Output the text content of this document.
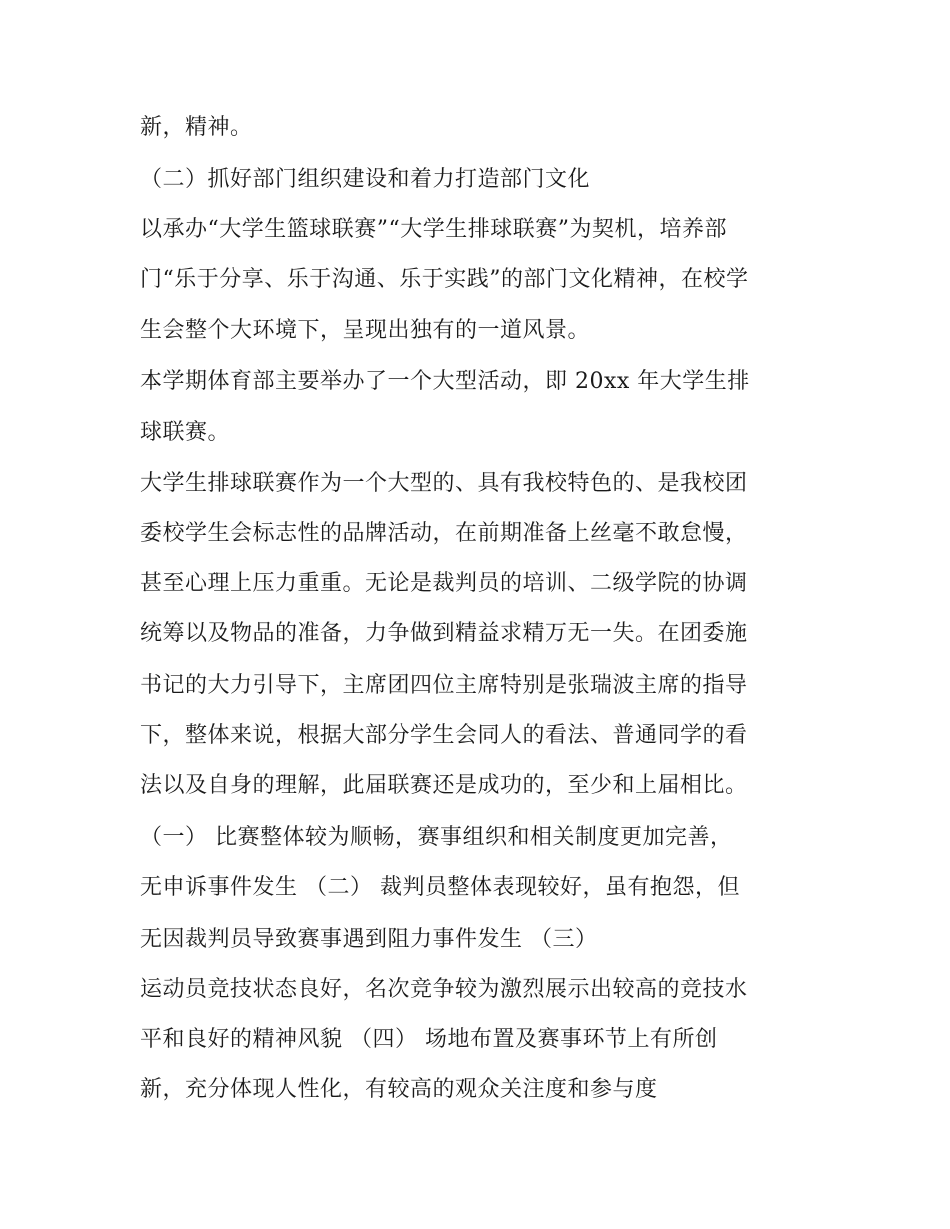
新，精神。
（二）抓好部门组织建设和着力打造部门文化
以承办“大学生篮球联赛”“大学生排球联赛”为契机，培养部
门“乐于分享、乐于沟通、乐于实践”的部门文化精神，在校学
生会整个大环境下，呈现出独有的一道风景。
本学期体育部主要举办了一个大型活动，即 20xx 年大学生排
球联赛。
大学生排球联赛作为一个大型的、具有我校特色的、是我校团
委校学生会标志性的品牌活动，在前期准备上丝毫不敢怠慢，
甚至心理上压力重重。无论是裁判员的培训、二级学院的协调
统筹以及物品的准备，力争做到精益求精万无一失。在团委施
书记的大力引导下，主席团四位主席特别是张瑞波主席的指导
下，整体来说，根据大部分学生会同人的看法、普通同学的看
法以及自身的理解，此届联赛还是成功的，至少和上届相比。
（一） 比赛整体较为顺畅，赛事组织和相关制度更加完善，
无申诉事件发生 （二） 裁判员整体表现较好，虽有抱怨，但
无因裁判员导致赛事遇到阻力事件发生 （三）
运动员竞技状态良好，名次竞争较为激烈展示出较高的竞技水
平和良好的精神风貌 （四） 场地布置及赛事环节上有所创
新，充分体现人性化，有较高的观众关注度和参与度
